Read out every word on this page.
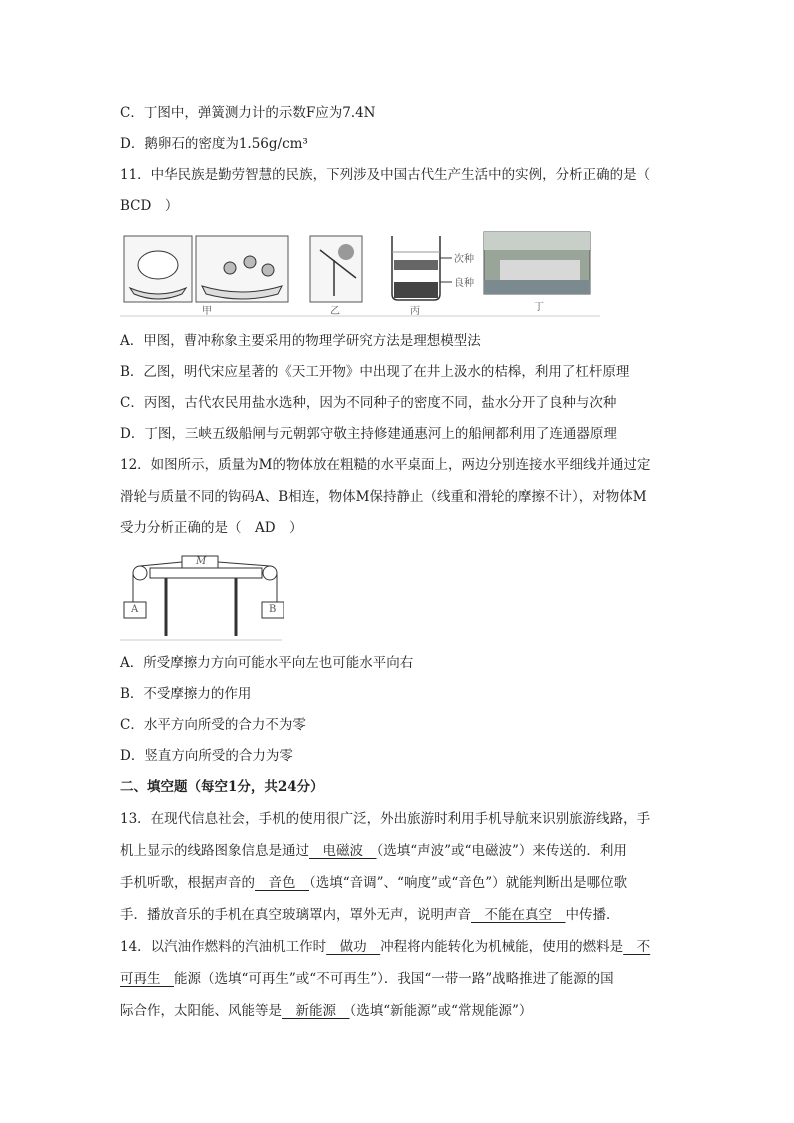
C．丁图中，弹簧测力计的示数F应为7.4N
D．鹅卵石的密度为1.56g/cm³
11．中华民族是勤劳智慧的民族，下列涉及中国古代生产生活中的实例，分析正确的是（
BCD　）
甲	乙	丙	丁
次种
良种
A．甲图，曹冲称象主要采用的物理学研究方法是理想模型法
B．乙图，明代宋应星著的《天工开物》中出现了在井上汲水的桔槔，利用了杠杆原理
C．丙图，古代农民用盐水选种，因为不同种子的密度不同，盐水分开了良种与次种
D．丁图，三峡五级船闸与元朝郭守敬主持修建通惠河上的船闸都利用了连通器原理
12．如图所示，质量为M的物体放在粗糙的水平桌面上，两边分别连接水平细线并通过定
滑轮与质量不同的钩码A、B相连，物体M保持静止（线重和滑轮的摩擦不计），对物体M
受力分析正确的是（　AD　）
M
A	B
A．所受摩擦力方向可能水平向左也可能水平向右
B．不受摩擦力的作用
C．水平方向所受的合力不为零
D．竖直方向所受的合力为零
二、填空题（每空1分，共24分）
13．在现代信息社会，手机的使用很广泛，外出旅游时利用手机导航来识别旅游线路，手
机上显示的线路图象信息是通过　电磁波　（选填“声波”或“电磁波”）来传送的．利用
手机听歌，根据声音的　音色　（选填“音调”、“响度”或“音色”）就能判断出是哪位歌
手．播放音乐的手机在真空玻璃罩内，罩外无声，说明声音　不能在真空　中传播．
14．以汽油作燃料的汽油机工作时　做功　冲程将内能转化为机械能，使用的燃料是　不
可再生　能源（选填“可再生”或“不可再生”）．我国“一带一路”战略推进了能源的国
际合作，太阳能、风能等是　新能源　（选填“新能源”或“常规能源”）
